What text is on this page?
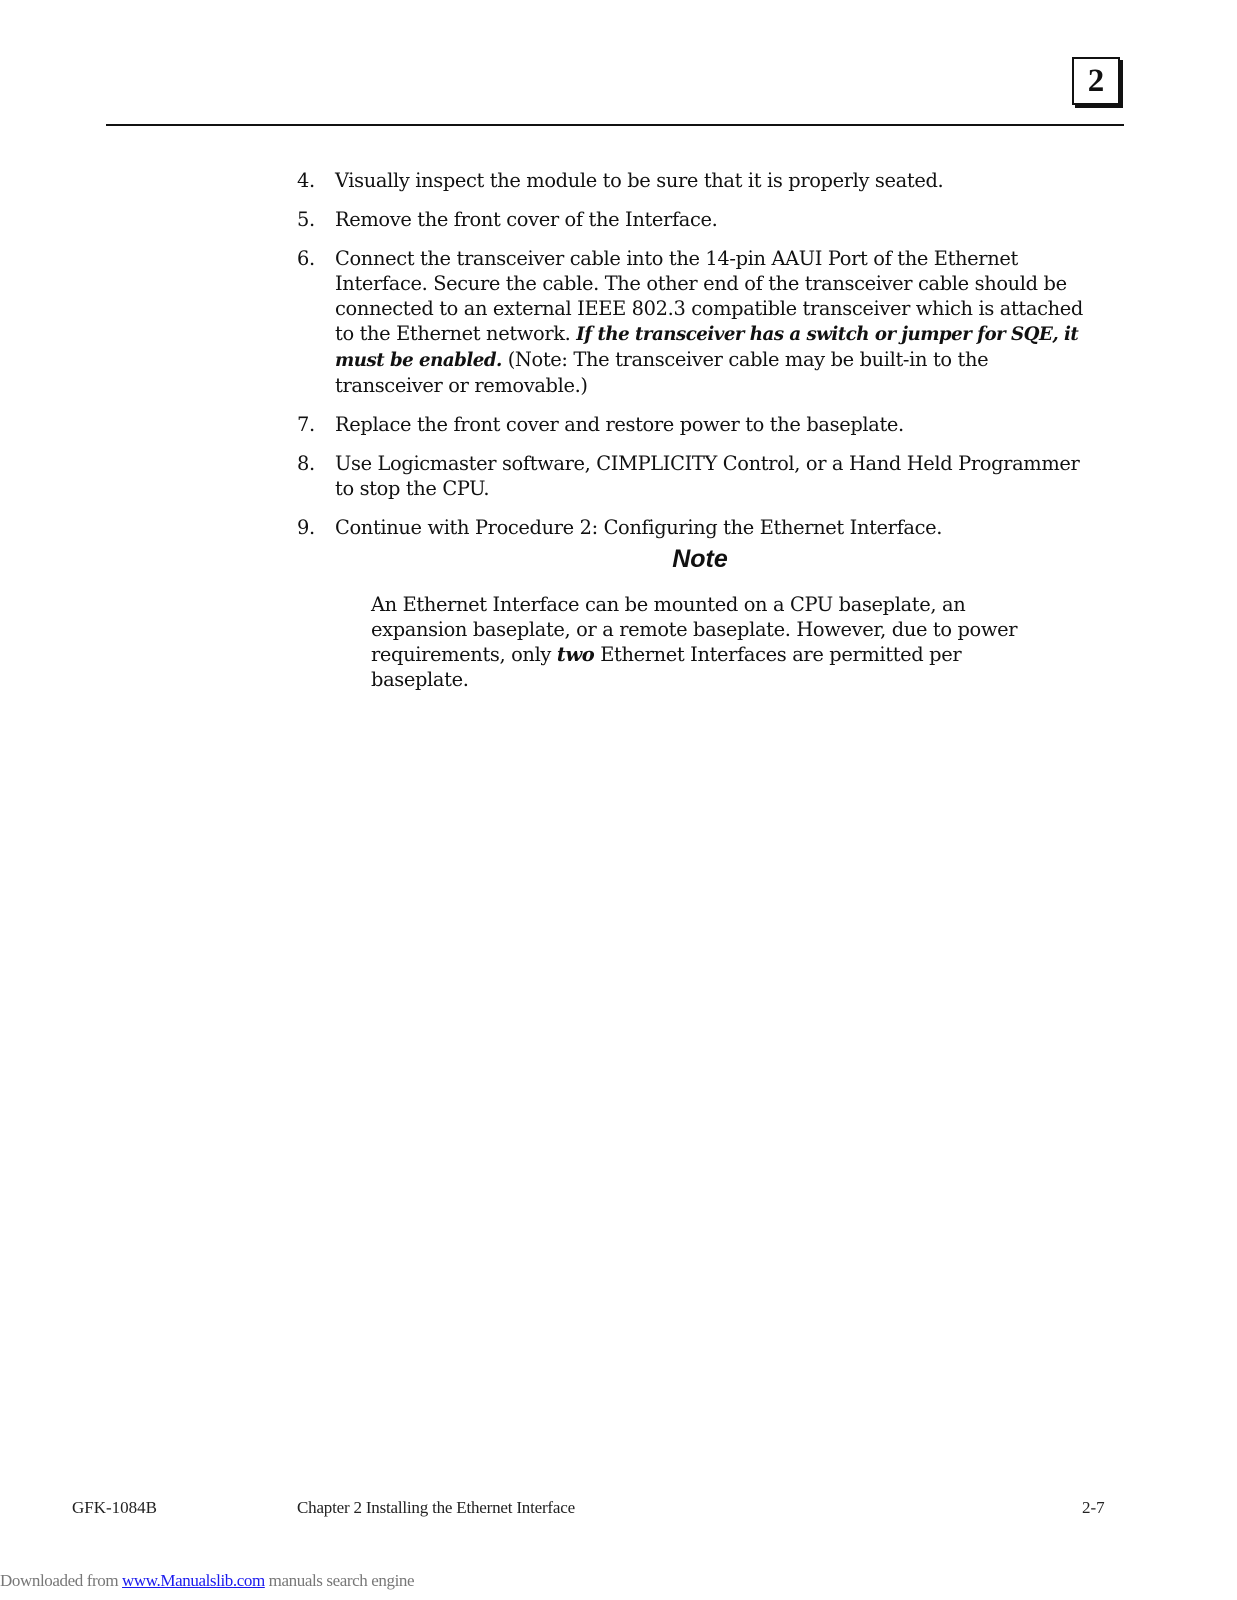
2
4.	Visually inspect the module to be sure that it is properly seated.
5.	Remove the front cover of the Interface.
6.	Connect the transceiver cable into the 14-pin AAUI Port of the Ethernet Interface. Secure the cable. The other end of the transceiver cable should be connected to an external IEEE 802.3 compatible transceiver which is attached to the Ethernet network. If the transceiver has a switch or jumper for SQE, it must be enabled. (Note: The transceiver cable may be built-in to the transceiver or removable.)
7.	Replace the front cover and restore power to the baseplate.
8.	Use Logicmaster software, CIMPLICITY Control, or a Hand Held Programmer to stop the CPU.
9.	Continue with Procedure 2: Configuring the Ethernet Interface.
Note

An Ethernet Interface can be mounted on a CPU baseplate, an expansion baseplate, or a remote baseplate. However, due to power requirements, only two Ethernet Interfaces are permitted per baseplate.

GFK-1084B	Chapter 2 Installing the Ethernet Interface	2-7
Downloaded from www.Manualslib.com manuals search engine
